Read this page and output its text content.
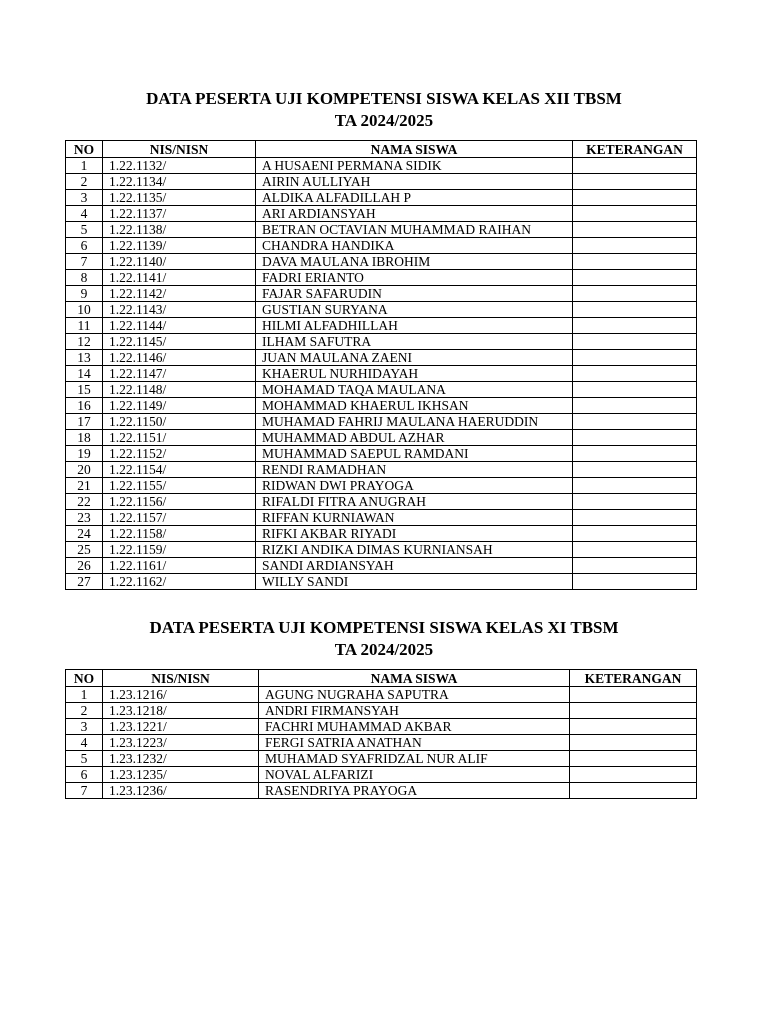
DATA PESERTA UJI KOMPETENSI SISWA KELAS XII TBSM
TA 2024/2025
NO	NIS/NISN	NAMA SISWA	KETERANGAN
1	1.22.1132/	A HUSAENI PERMANA SIDIK	
2	1.22.1134/	AIRIN AULLIYAH	
3	1.22.1135/	ALDIKA ALFADILLAH P	
4	1.22.1137/	ARI ARDIANSYAH	
5	1.22.1138/	BETRAN OCTAVIAN MUHAMMAD RAIHAN	
6	1.22.1139/	CHANDRA HANDIKA	
7	1.22.1140/	DAVA MAULANA IBROHIM	
8	1.22.1141/	FADRI ERIANTO	
9	1.22.1142/	FAJAR SAFARUDIN	
10	1.22.1143/	GUSTIAN SURYANA	
11	1.22.1144/	HILMI ALFADHILLAH	
12	1.22.1145/	ILHAM SAFUTRA	
13	1.22.1146/	JUAN MAULANA ZAENI	
14	1.22.1147/	KHAERUL NURHIDAYAH	
15	1.22.1148/	MOHAMAD TAQA MAULANA	
16	1.22.1149/	MOHAMMAD KHAERUL IKHSAN	
17	1.22.1150/	MUHAMAD FAHRIJ MAULANA HAERUDDIN	
18	1.22.1151/	MUHAMMAD ABDUL AZHAR	
19	1.22.1152/	MUHAMMAD SAEPUL RAMDANI	
20	1.22.1154/	RENDI RAMADHAN	
21	1.22.1155/	RIDWAN DWI PRAYOGA	
22	1.22.1156/	RIFALDI FITRA ANUGRAH	
23	1.22.1157/	RIFFAN KURNIAWAN	
24	1.22.1158/	RIFKI AKBAR RIYADI	
25	1.22.1159/	RIZKI ANDIKA DIMAS KURNIANSAH	
26	1.22.1161/	SANDI ARDIANSYAH	
27	1.22.1162/	WILLY SANDI	
DATA PESERTA UJI KOMPETENSI SISWA KELAS XI TBSM
TA 2024/2025
NO	NIS/NISN	NAMA SISWA	KETERANGAN
1	1.23.1216/	AGUNG NUGRAHA SAPUTRA	
2	1.23.1218/	ANDRI FIRMANSYAH	
3	1.23.1221/	FACHRI MUHAMMAD AKBAR	
4	1.23.1223/	FERGI SATRIA ANATHAN	
5	1.23.1232/	MUHAMAD SYAFRIDZAL NUR ALIF	
6	1.23.1235/	NOVAL ALFARIZI	
7	1.23.1236/	RASENDRIYA PRAYOGA	
